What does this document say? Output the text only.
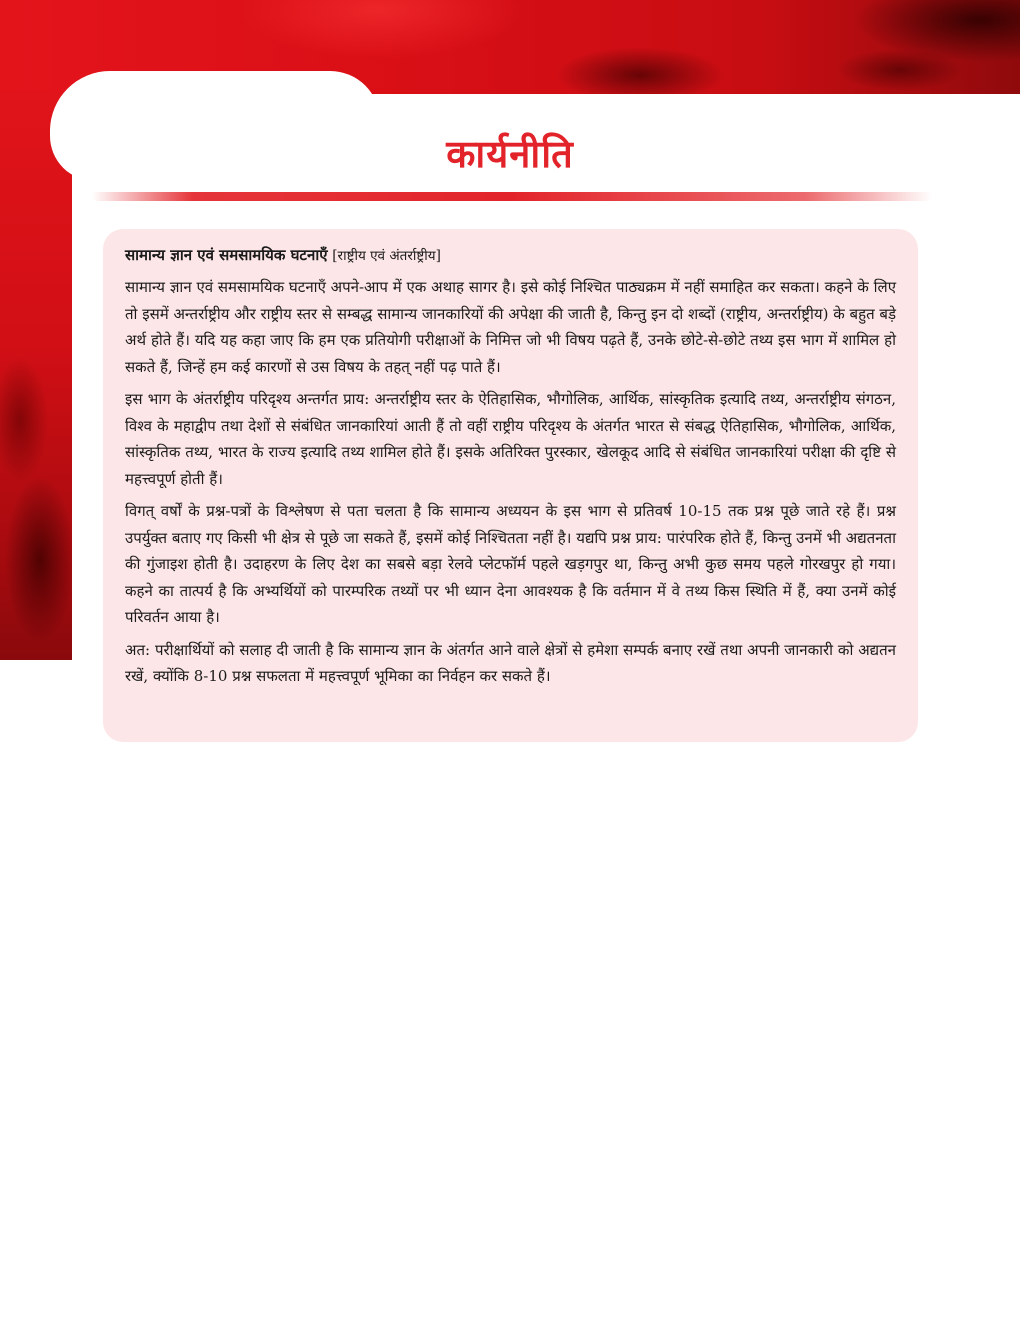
कार्यनीति

सामान्य ज्ञान एवं समसामयिक घटनाएँ [राष्ट्रीय एवं अंतर्राष्ट्रीय]

सामान्य ज्ञान एवं समसामयिक घटनाएँ अपने-आप में एक अथाह सागर है। इसे कोई निश्चित पाठ्यक्रम में नहीं समाहित कर सकता। कहने के लिए तो इसमें अन्तर्राष्ट्रीय और राष्ट्रीय स्तर से सम्बद्ध सामान्य जानकारियों की अपेक्षा की जाती है, किन्तु इन दो शब्दों (राष्ट्रीय, अन्तर्राष्ट्रीय) के बहुत बड़े अर्थ होते हैं। यदि यह कहा जाए कि हम एक प्रतियोगी परीक्षाओं के निमित्त जो भी विषय पढ़ते हैं, उनके छोटे-से-छोटे तथ्य इस भाग में शामिल हो सकते हैं, जिन्हें हम कई कारणों से उस विषय के तहत् नहीं पढ़ पाते हैं।

इस भाग के अंतर्राष्ट्रीय परिदृश्य अन्तर्गत प्राय: अन्तर्राष्ट्रीय स्तर के ऐतिहासिक, भौगोलिक, आर्थिक, सांस्कृतिक इत्यादि तथ्य, अन्तर्राष्ट्रीय संगठन, विश्व के महाद्वीप तथा देशों से संबंधित जानकारियां आती हैं तो वहीं राष्ट्रीय परिदृश्य के अंतर्गत भारत से संबद्ध ऐतिहासिक, भौगोलिक, आर्थिक, सांस्कृतिक तथ्य, भारत के राज्य इत्यादि तथ्य शामिल होते हैं। इसके अतिरिक्त पुरस्कार, खेलकूद आदि से संबंधित जानकारियां परीक्षा की दृष्टि से महत्त्वपूर्ण होती हैं।

विगत् वर्षों के प्रश्न-पत्रों के विश्लेषण से पता चलता है कि सामान्य अध्ययन के इस भाग से प्रतिवर्ष 10-15 तक प्रश्न पूछे जाते रहे हैं। प्रश्न उपर्युक्त बताए गए किसी भी क्षेत्र से पूछे जा सकते हैं, इसमें कोई निश्चितता नहीं है। यद्यपि प्रश्न प्राय: पारंपरिक होते हैं, किन्तु उनमें भी अद्यतनता की गुंजाइश होती है। उदाहरण के लिए देश का सबसे बड़ा रेलवे प्लेटफॉर्म पहले खड़गपुर था, किन्तु अभी कुछ समय पहले गोरखपुर हो गया। कहने का तात्पर्य है कि अभ्यर्थियों को पारम्परिक तथ्यों पर भी ध्यान देना आवश्यक है कि वर्तमान में वे तथ्य किस स्थिति में हैं, क्या उनमें कोई परिवर्तन आया है।

अत: परीक्षार्थियों को सलाह दी जाती है कि सामान्य ज्ञान के अंतर्गत आने वाले क्षेत्रों से हमेशा सम्पर्क बनाए रखें तथा अपनी जानकारी को अद्यतन रखें, क्योंकि 8-10 प्रश्न सफलता में महत्त्वपूर्ण भूमिका का निर्वहन कर सकते हैं।
